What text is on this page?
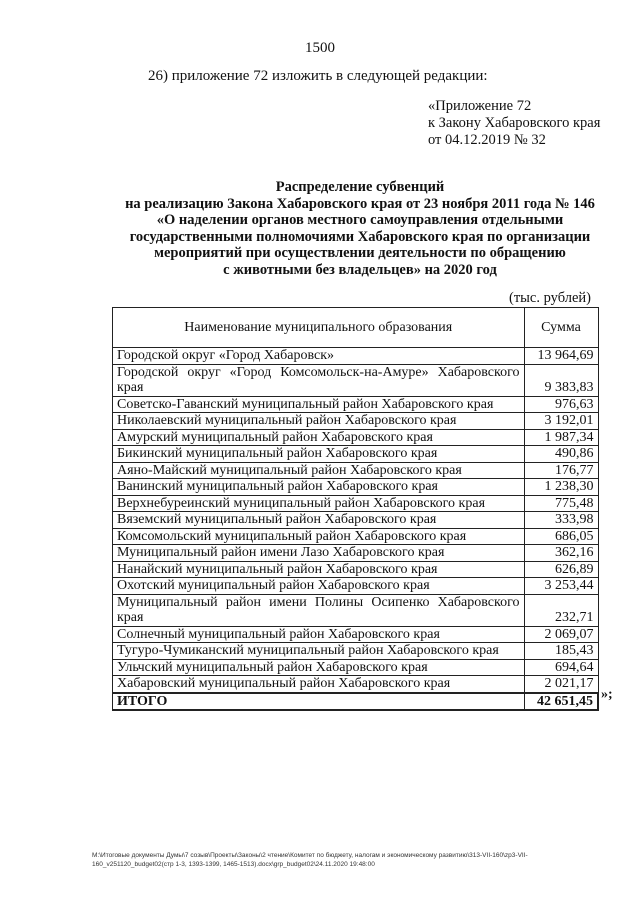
1500
26) приложение 72 изложить в следующей редакции:
«Приложение 72
к Закону Хабаровского края
от 04.12.2019 № 32
Распределение субвенций
на реализацию Закона Хабаровского края от 23 ноября 2011 года № 146
«О наделении органов местного самоуправления отдельными
государственными полномочиями Хабаровского края по организации
мероприятий при осуществлении деятельности по обращению
с животными без владельцев» на 2020 год
(тыс. рублей)
Наименование муниципального образования	Сумма
Городской округ «Город Хабаровск»	13 964,69
Городской округ «Город Комсомольск-на-Амуре» Хабаровского края	9 383,83
Советско-Гаванский муниципальный район Хабаровского края	976,63
Николаевский муниципальный район Хабаровского края	3 192,01
Амурский муниципальный район Хабаровского края	1 987,34
Бикинский муниципальный район Хабаровского края	490,86
Аяно-Майский муниципальный район Хабаровского края	176,77
Ванинский муниципальный район Хабаровского края	1 238,30
Верхнебуреинский муниципальный район Хабаровского края	775,48
Вяземский муниципальный район Хабаровского края	333,98
Комсомольский муниципальный район Хабаровского края	686,05
Муниципальный район имени Лазо Хабаровского края	362,16
Нанайский муниципальный район Хабаровского края	626,89
Охотский муниципальный район Хабаровского края	3 253,44
Муниципальный район имени Полины Осипенко Хабаровского края	232,71
Солнечный муниципальный район Хабаровского края	2 069,07
Тугуро-Чумиканский муниципальный район Хабаровского края	185,43
Ульчский муниципальный район Хабаровского края	694,64
Хабаровский муниципальный район Хабаровского края	2 021,17
ИТОГО	42 651,45 »;
M:\Итоговые документы Думы\7 созыв\Проекты\Законы\2 чтение\Комитет по бюджету, налогам и экономическому развитию\313-VII-160\zp3-VII-
160_v251120_budget02(стр 1-3, 1393-1399, 1465-1513).docx\grp_budget02\24.11.2020 19:48:00
